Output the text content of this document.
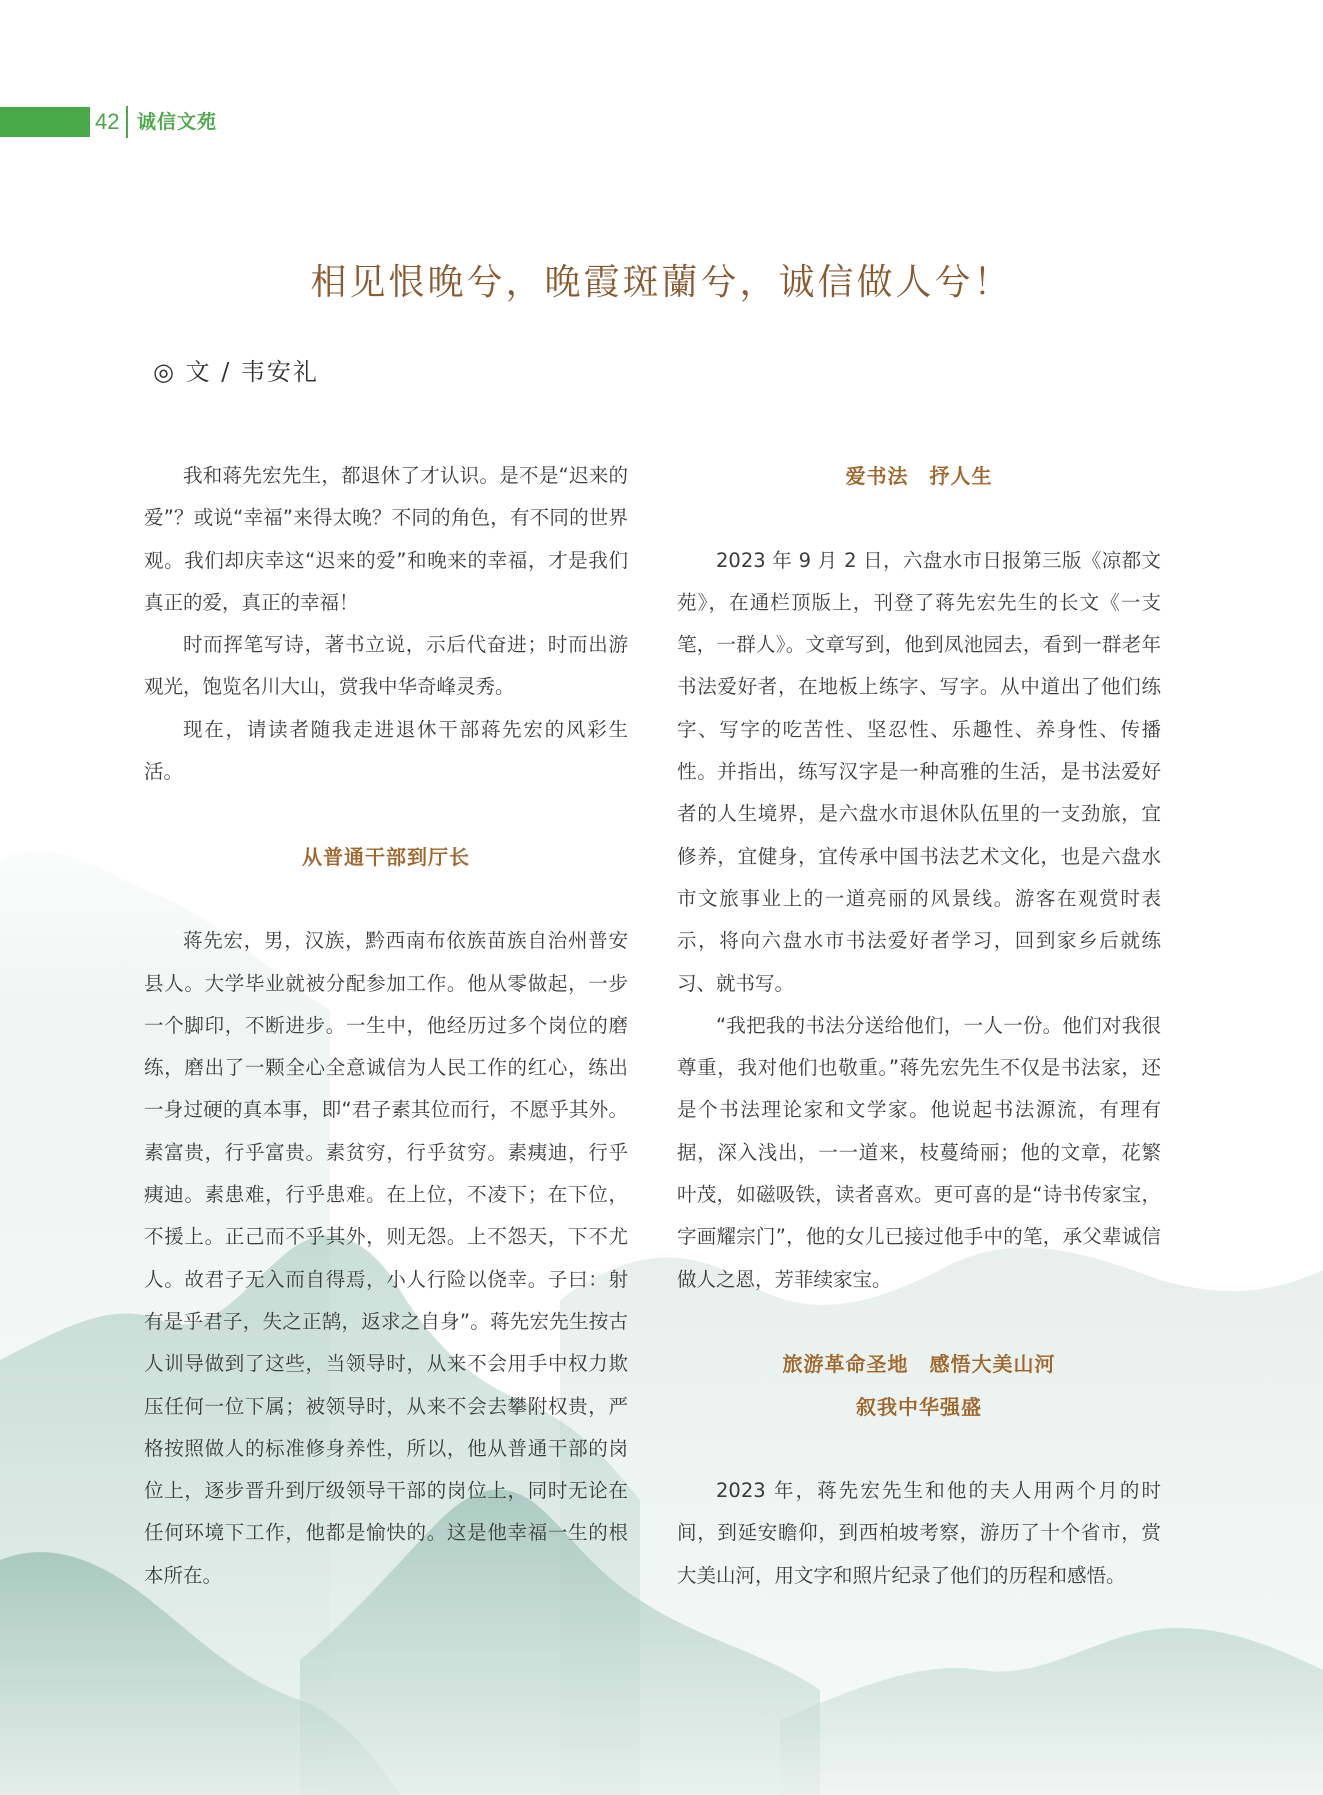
42 诚信文苑
相见恨晚兮，晚霞斑蘭兮，诚信做人兮！
◎ 文 / 韦安礼

我和蒋先宏先生，都退休了才认识。是不是“迟来的爱”？或说“幸福”来得太晚？不同的角色，有不同的世界观。我们却庆幸这“迟来的爱”和晚来的幸福，才是我们真正的爱，真正的幸福！

时而挥笔写诗，著书立说，示后代奋进；时而出游观光，饱览名川大山，赏我中华奇峰灵秀。

现在，请读者随我走进退休干部蒋先宏的风彩生活。

从普通干部到厅长

蒋先宏，男，汉族，黔西南布依族苗族自治州普安县人。大学毕业就被分配参加工作。他从零做起，一步一个脚印，不断进步。一生中，他经历过多个岗位的磨练，磨出了一颗全心全意诚信为人民工作的红心，练出一身过硬的真本事，即“君子素其位而行，不愿乎其外。素富贵，行乎富贵。素贫穷，行乎贫穷。素痍迪，行乎痍迪。素患难，行乎患难。在上位，不凌下；在下位，不援上。正己而不乎其外，则无怨。上不怨天，下不尤人。故君子无入而自得焉，小人行险以侥幸。子曰：射有是乎君子，失之正鹄，返求之自身”。蒋先宏先生按古人训导做到了这些，当领导时，从来不会用手中权力欺压任何一位下属；被领导时，从来不会去攀附权贵，严格按照做人的标准修身养性，所以，他从普通干部的岗位上，逐步晋升到厅级领导干部的岗位上，同时无论在任何环境下工作，他都是愉快的。这是他幸福一生的根本所在。

爱书法　抒人生

2023 年 9 月 2 日，六盘水市日报第三版《凉都文苑》，在通栏顶版上，刊登了蒋先宏先生的长文《一支笔，一群人》。文章写到，他到凤池园去，看到一群老年书法爱好者，在地板上练字、写字。从中道出了他们练字、写字的吃苦性、坚忍性、乐趣性、养身性、传播性。并指出，练写汉字是一种高雅的生活，是书法爱好者的人生境界，是六盘水市退休队伍里的一支劲旅，宜修养，宜健身，宜传承中国书法艺术文化，也是六盘水市文旅事业上的一道亮丽的风景线。游客在观赏时表示，将向六盘水市书法爱好者学习，回到家乡后就练习、就书写。

“我把我的书法分送给他们，一人一份。他们对我很尊重，我对他们也敬重。”蒋先宏先生不仅是书法家，还是个书法理论家和文学家。他说起书法源流，有理有据，深入浅出，一一道来，枝蔓绮丽；他的文章，花繁叶茂，如磁吸铁，读者喜欢。更可喜的是“诗书传家宝，字画耀宗门”，他的女儿已接过他手中的笔，承父辈诚信做人之恩，芳菲续家宝。

旅游革命圣地　感悟大美山河
叙我中华强盛

2023 年，蒋先宏先生和他的夫人用两个月的时间，到延安瞻仰，到西柏坡考察，游历了十个省市，赏大美山河，用文字和照片纪录了他们的历程和感悟。
